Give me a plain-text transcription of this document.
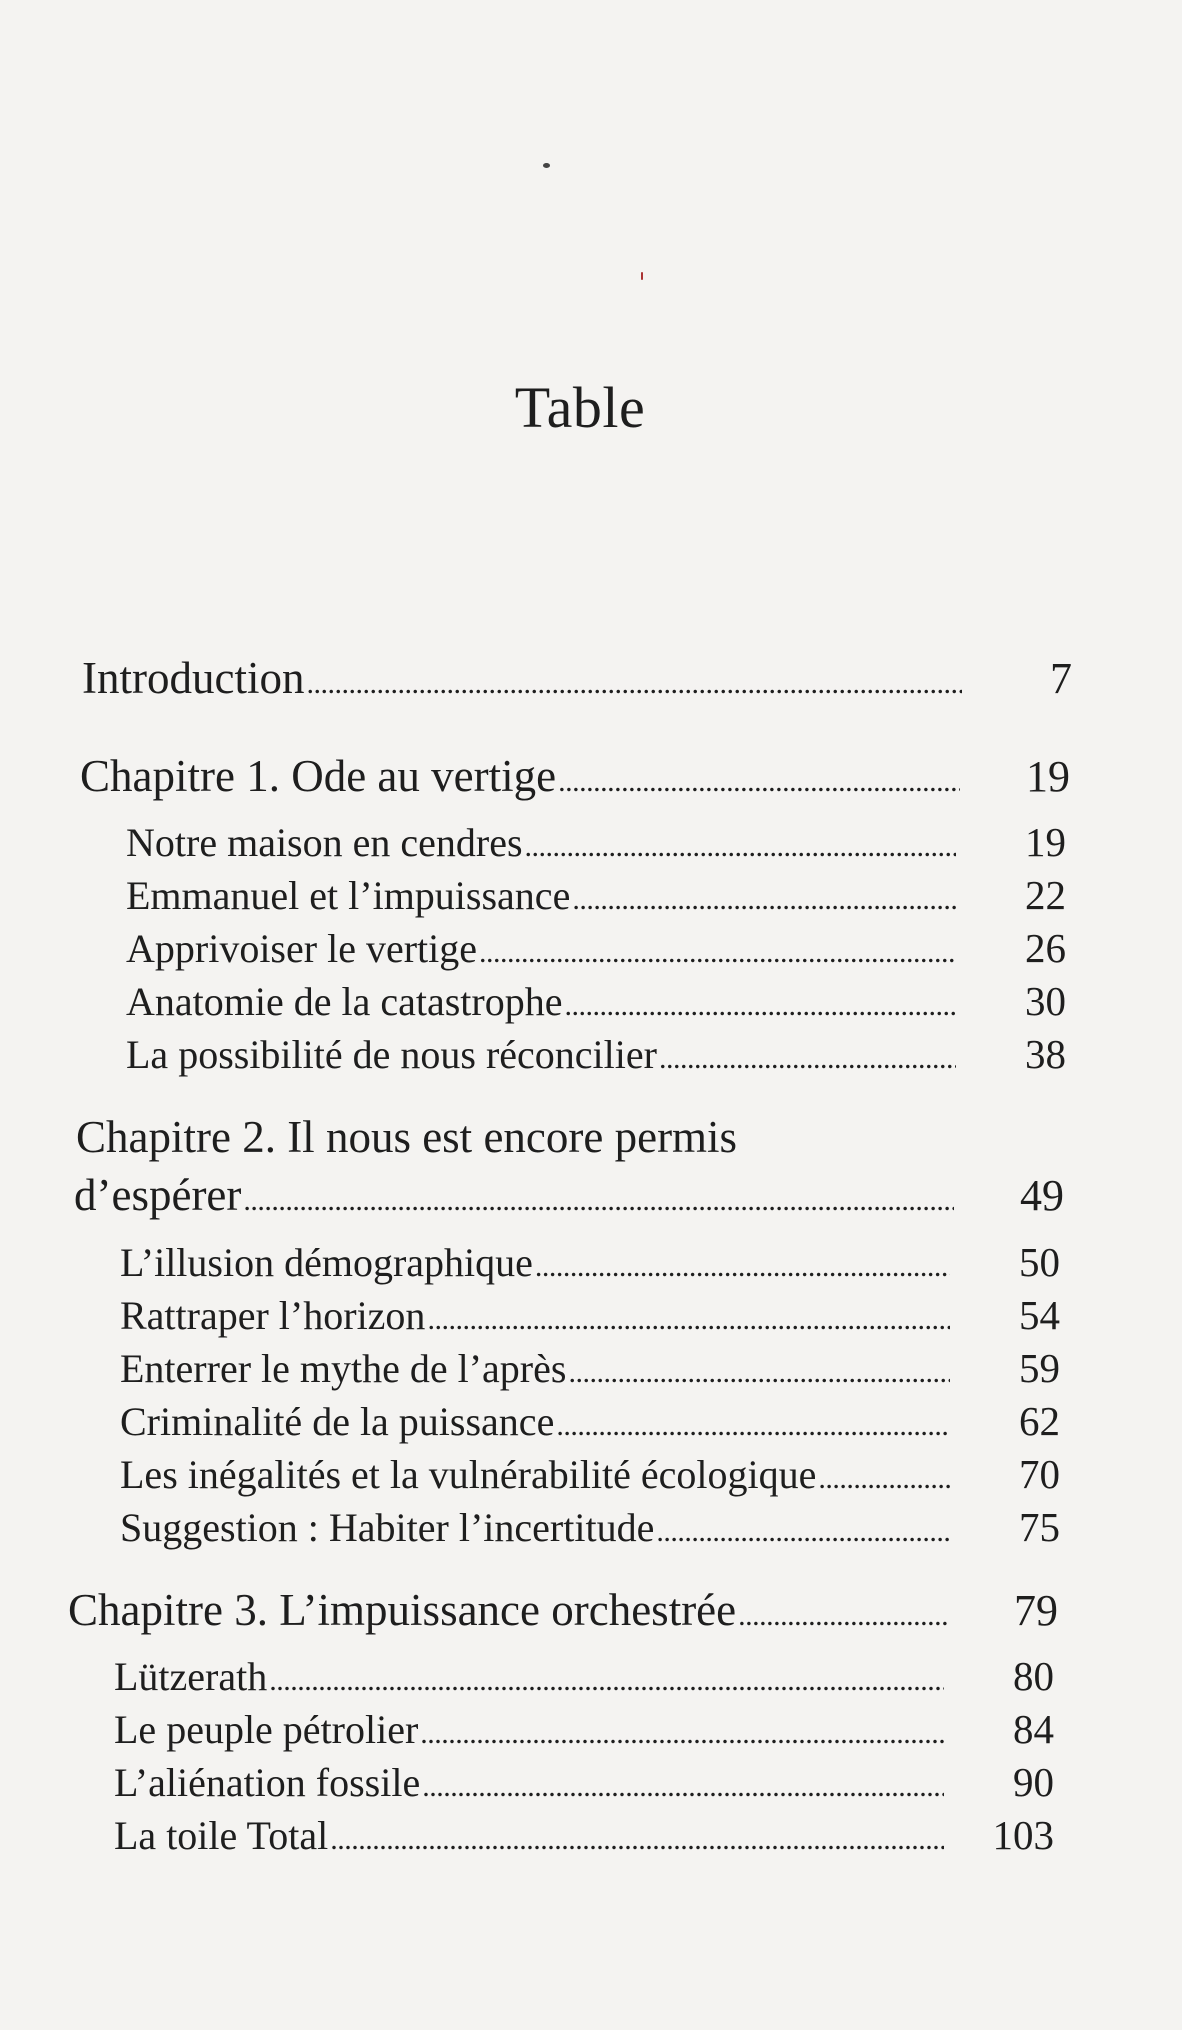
Table
Introduction . . .	7
Chapitre 1. Ode au vertige . . .	19
Notre maison en cendres . . .	19
Emmanuel et l’impuissance . . .	22
Apprivoiser le vertige . . .	26
Anatomie de la catastrophe . . .	30
La possibilité de nous réconcilier . . .	38
Chapitre 2. Il nous est encore permis
d’espérer . . .	49
L’illusion démographique . . .	50
Rattraper l’horizon . . .	54
Enterrer le mythe de l’après . . .	59
Criminalité de la puissance . . .	62
Les inégalités et la vulnérabilité écologique . . .	70
Suggestion : Habiter l’incertitude . . .	75
Chapitre 3. L’impuissance orchestrée . . .	79
Lützerath . . .	80
Le peuple pétrolier . . .	84
L’aliénation fossile . . .	90
La toile Total . . .	103
